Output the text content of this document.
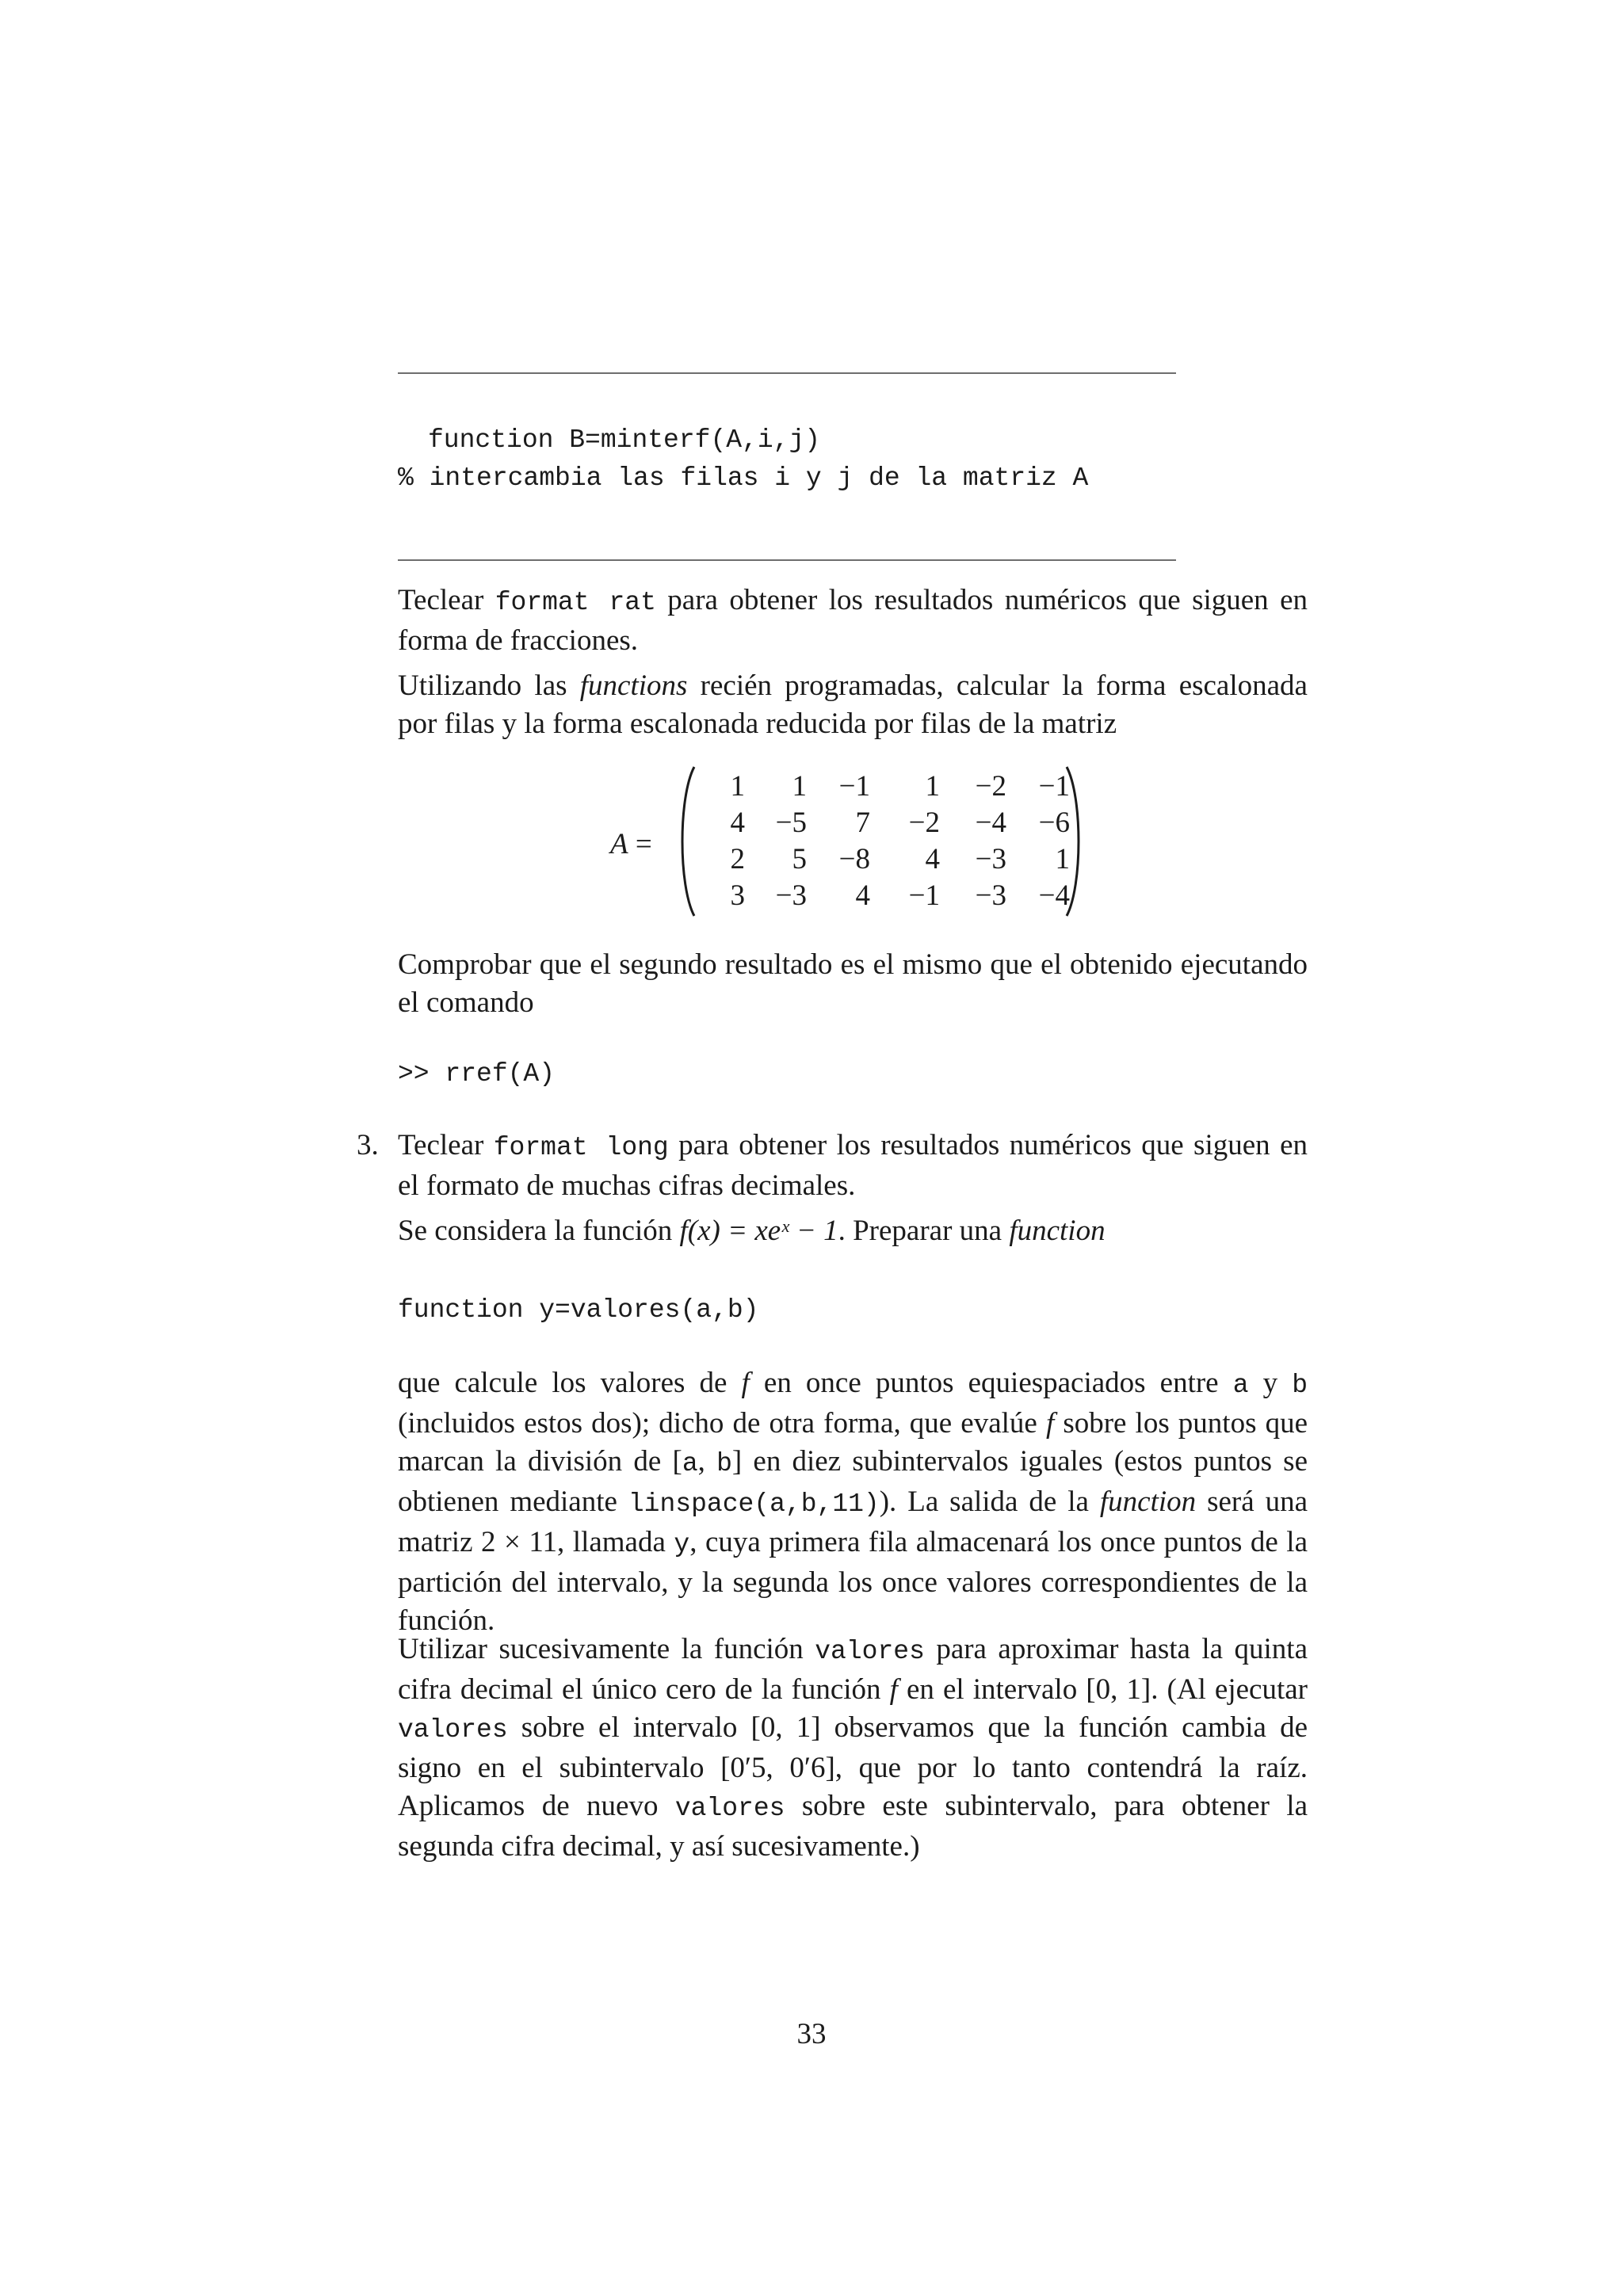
function B=minterf(A,i,j)
% intercambia las filas i y j de la matriz A
Teclear format rat para obtener los resultados numéricos que siguen en forma de fracciones.
Utilizando las functions recién programadas, calcular la forma escalonada por filas y la forma escalonada reducida por filas de la matriz
A =
1	1	−1	1	−2	−1
4	−5	7	−2	−4	−6
2	5	−8	4	−3	1
3	−3	4	−1	−3	−4
Comprobar que el segundo resultado es el mismo que el obtenido ejecutando el comando
>> rref(A)
3. Teclear format long para obtener los resultados numéricos que siguen en el formato de muchas cifras decimales.
Se considera la función f(x) = xeˣ − 1. Preparar una function
function y=valores(a,b)
que calcule los valores de f en once puntos equiespaciados entre a y b (incluidos estos dos); dicho de otra forma, que evalúe f sobre los puntos que marcan la división de [a, b] en diez subintervalos iguales (estos puntos se obtienen mediante linspace(a,b,11)). La salida de la function será una matriz 2 × 11, llamada y, cuya primera fila almacenará los once puntos de la partición del intervalo, y la segunda los once valores correspondientes de la función.
Utilizar sucesivamente la función valores para aproximar hasta la quinta cifra decimal el único cero de la función f en el intervalo [0, 1]. (Al ejecutar valores sobre el intervalo [0, 1] observamos que la función cambia de signo en el subintervalo [0′5, 0′6], que por lo tanto contendrá la raíz. Aplicamos de nuevo valores sobre este subintervalo, para obtener la segunda cifra decimal, y así sucesivamente.)
33
